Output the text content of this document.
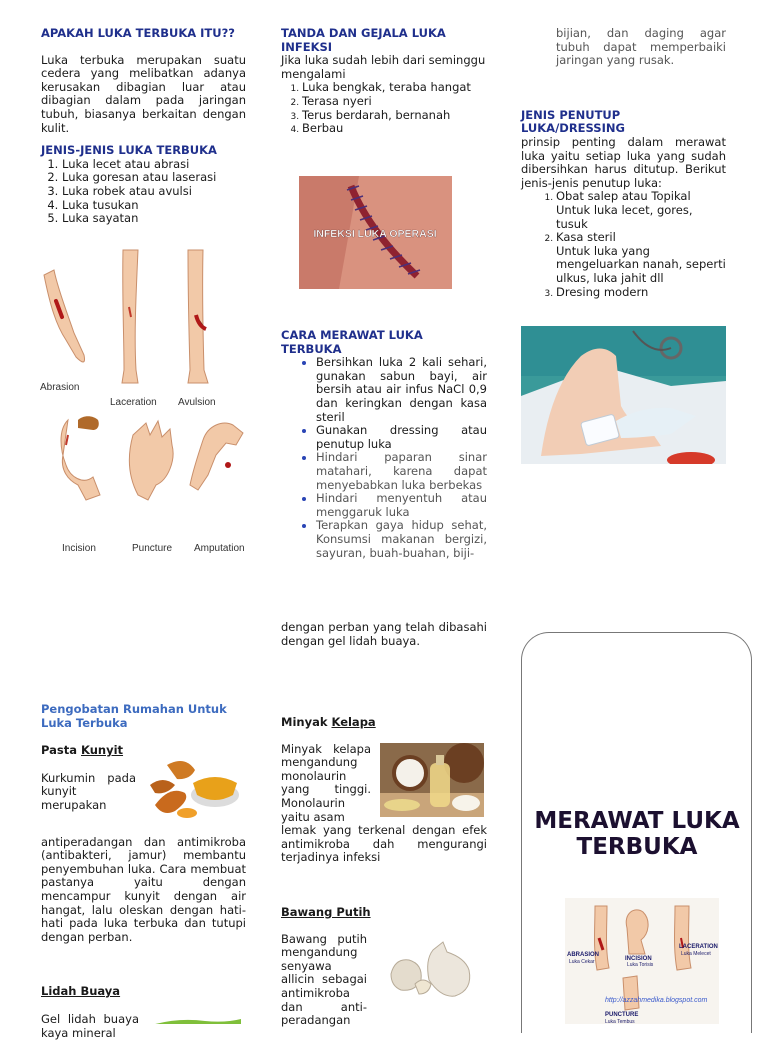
APAKAH LUKA TERBUKA ITU??

Luka terbuka merupakan suatu cedera yang melibatkan adanya kerusakan dibagian luar atau dibagian dalam pada jaringan tubuh, biasanya berkaitan dengan kulit.

JENIS-JENIS LUKA TERBUKA

1. Luka lecet atau abrasi
2. Luka goresan atau laserasi
3. Luka robek atau avulsi
4. Luka tusukan
5. Luka sayatan
Abrasion
Laceration Avulsion
Incision	Puncture Amputation

Pengobatan Rumahan Untuk Luka Terbuka

Pasta Kunyit

Kurkumin pada kunyit merupakan

antiperadangan dan antimikroba (antibakteri, jamur) membantu penyembuhan luka. Cara membuat pastanya yaitu dengan mencampur kunyit dengan air hangat, lalu oleskan dengan hati-hati pada luka terbuka dan tutupi dengan perban.

Lidah Buaya

Gel lidah buaya kaya mineral

TANDA DAN GEJALA LUKA INFEKSI

Jika luka sudah lebih dari seminggu mengalami

1. Luka bengkak, teraba hangat
2. Terasa nyeri
3. Terus berdarah, bernanah
4. Berbau
INFEKSI LUKA OPERASI

CARA MERAWAT LUKA TERBUKA

• Bersihkan luka 2 kali sehari, gunakan sabun bayi, air bersih atau air infus NaCl 0,9 dan keringkan dengan kasa steril
• Gunakan dressing atau penutup luka
• Hindari paparan sinar matahari, karena dapat menyebabkan luka berbekas
• Hindari menyentuh atau menggaruk luka
• Terapkan gaya hidup sehat, Konsumsi makanan bergizi, sayuran, buah-buahan, biji-

dengan perban yang telah dibasahi dengan gel lidah buaya.

Minyak Kelapa

Minyak kelapa mengandung monolaurin yang tinggi. Monolaurin yaitu asam

lemak yang terkenal dengan efek antimikroba dah mengurangi terjadinya infeksi

Bawang Putih

Bawang putih mengandung senyawa allicin sebagai antimikroba dan anti-peradangan

bijian, dan daging agar tubuh dapat memperbaiki jaringan yang rusak.

JENIS PENUTUP LUKA/DRESSING

prinsip penting dalam merawat luka yaitu setiap luka yang sudah dibersihkan harus ditutup. Berikut jenis-jenis penutup luka:

1. Obat salep atau Topikal
Untuk luka lecet, gores, tusuk
2. Kasa steril
Untuk luka yang mengeluarkan nanah, seperti ulkus, luka jahit dll
3. Dresing modern
MERAWAT LUKA TERBUKA
ABRASION
Luka Cekar	INCISION
Luka Torisis
LACERATION
Luka Melecet
http://azzahmedika.blogspot.com
PUNCTURE
Luka Tembus
